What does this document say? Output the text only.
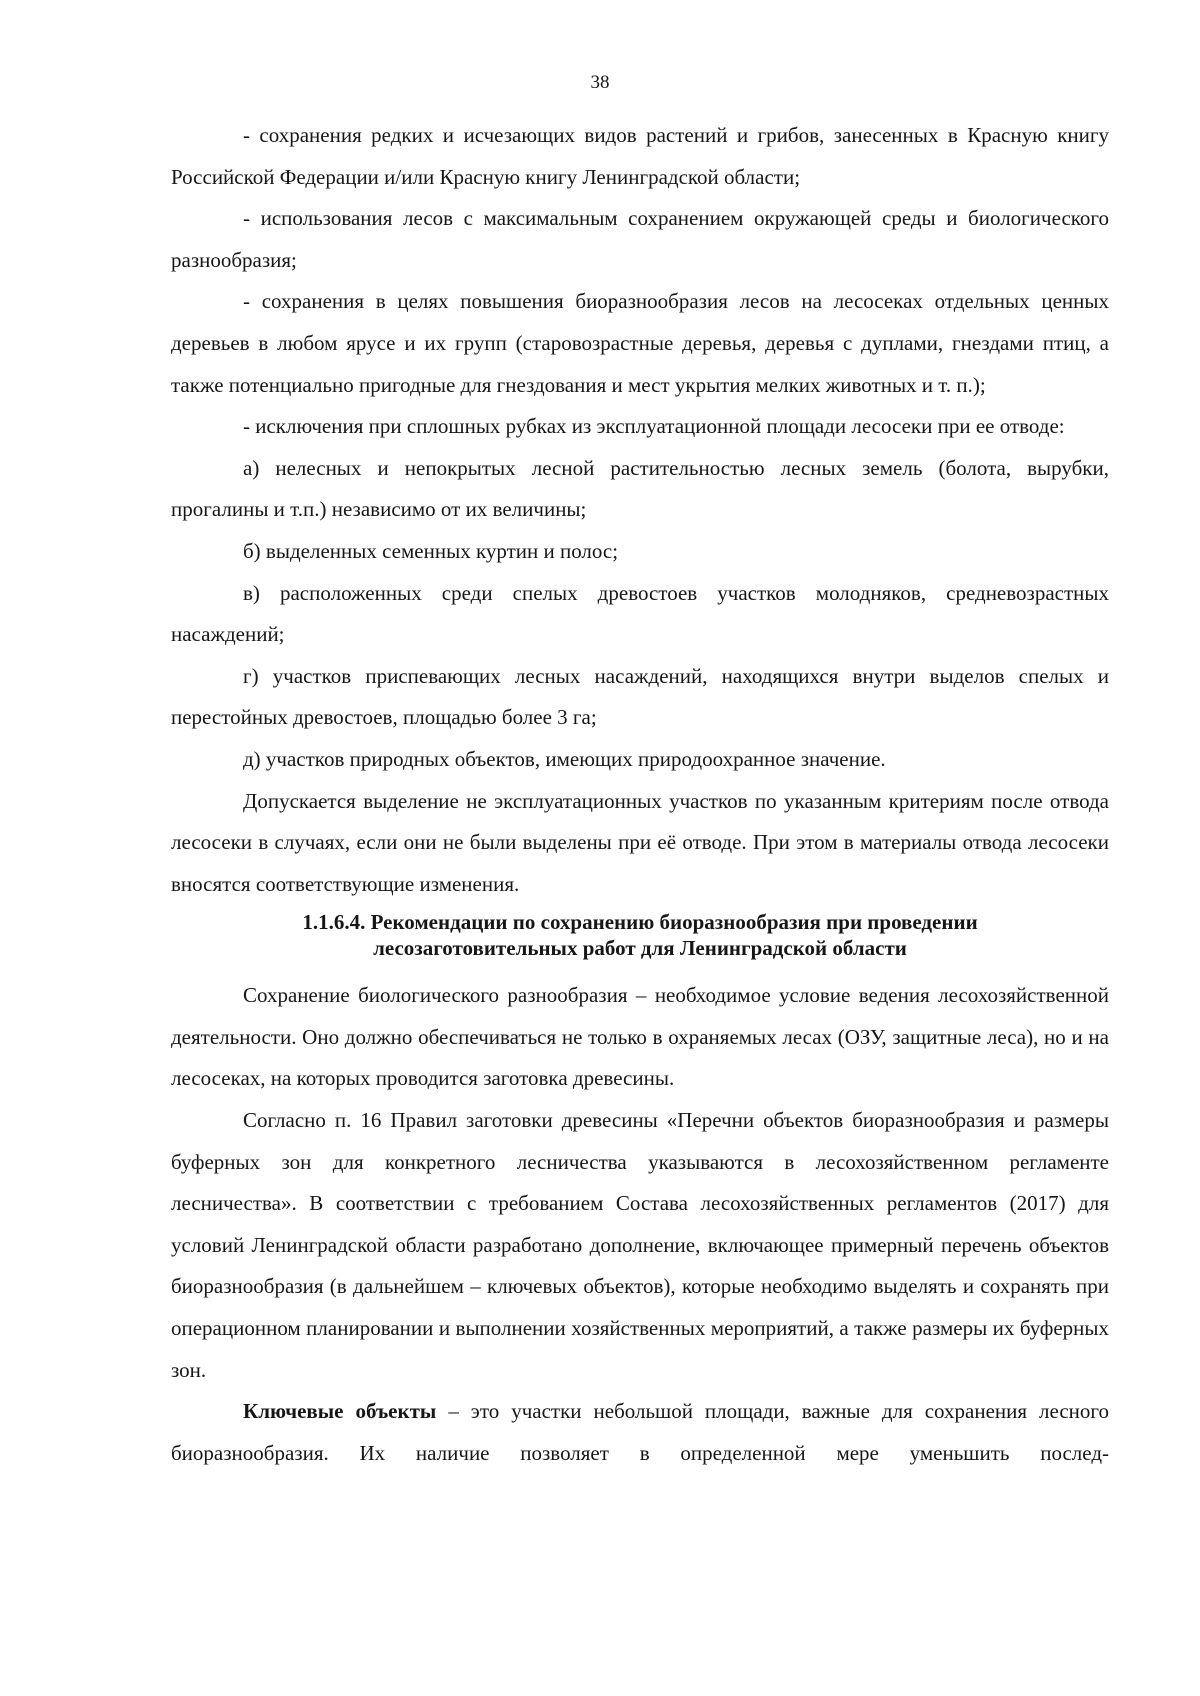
38

- сохранения редких и исчезающих видов растений и грибов, занесенных в Красную книгу Российской Федерации и/или Красную книгу Ленинградской области;

- использования лесов с максимальным сохранением окружающей среды и биологического разнообразия;

- сохранения в целях повышения биоразнообразия лесов на лесосеках отдельных ценных деревьев в любом ярусе и их групп (старовозрастные деревья, деревья с дуплами, гнездами птиц, а также потенциально пригодные для гнездования и мест укрытия мелких животных и т. п.);

- исключения при сплошных рубках из эксплуатационной площади лесосеки при ее отводе:

а) нелесных и непокрытых лесной растительностью лесных земель (болота, вырубки, прогалины и т.п.) независимо от их величины;

б) выделенных семенных куртин и полос;

в) расположенных среди спелых древостоев участков молодняков, средневозрастных насаждений;

г) участков приспевающих лесных насаждений, находящихся внутри выделов спелых и перестойных древостоев, площадью более 3 га;

д) участков природных объектов, имеющих природоохранное значение.

Допускается выделение не эксплуатационных участков по указанным критериям после отвода лесосеки в случаях, если они не были выделены при её отводе. При этом в материалы отвода лесосеки вносятся соответствующие изменения.

1.1.6.4. Рекомендации по сохранению биоразнообразия при проведении
лесозаготовительных работ для Ленинградской области

Сохранение биологического разнообразия – необходимое условие ведения лесохозяйственной деятельности. Оно должно обеспечиваться не только в охраняемых лесах (ОЗУ, защитные леса), но и на лесосеках, на которых проводится заготовка древесины.

Согласно п. 16 Правил заготовки древесины «Перечни объектов биоразнообразия и размеры буферных зон для конкретного лесничества указываются в лесохозяйственном регламенте лесничества». В соответствии с требованием Состава лесохозяйственных регламентов (2017) для условий Ленинградской области разработано дополнение, включающее примерный перечень объектов биоразнообразия (в дальнейшем – ключевых объектов), которые необходимо выделять и сохранять при операционном планировании и выполнении хозяйственных мероприятий, а также размеры их буферных зон.

Ключевые объекты – это участки небольшой площади, важные для сохранения лесного биоразнообразия. Их наличие позволяет в определенной мере уменьшить послед-
